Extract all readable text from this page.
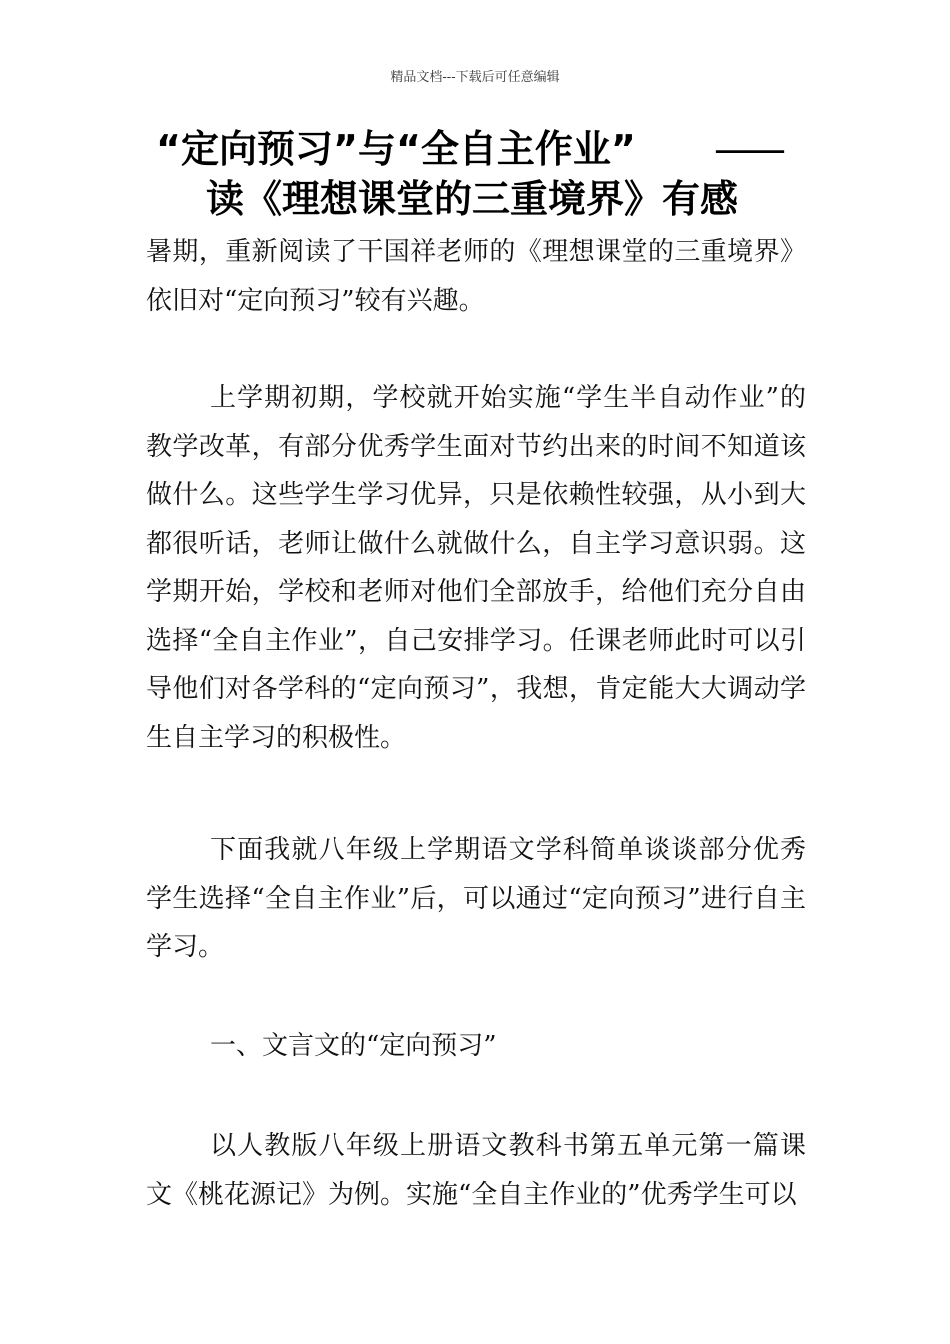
精品文档---下载后可任意编辑
“定向预习”与“全自主作业” ——
读《理想课堂的三重境界》有感

暑期，重新阅读了干国祥老师的《理想课堂的三重境界》依旧对“定向预习”较有兴趣。

上学期初期，学校就开始实施“学生半自动作业”的教学改革，有部分优秀学生面对节约出来的时间不知道该做什么。这些学生学习优异，只是依赖性较强，从小到大都很听话，老师让做什么就做什么，自主学习意识弱。这学期开始，学校和老师对他们全部放手，给他们充分自由选择“全自主作业”，自己安排学习。任课老师此时可以引导他们对各学科的“定向预习”，我想，肯定能大大调动学生自主学习的积极性。

下面我就八年级上学期语文学科简单谈谈部分优秀学生选择“全自主作业”后，可以通过“定向预习”进行自主学习。

一、文言文的“定向预习”

以人教版八年级上册语文教科书第五单元第一篇课文《桃花源记》为例。实施“全自主作业的”优秀学生可以
